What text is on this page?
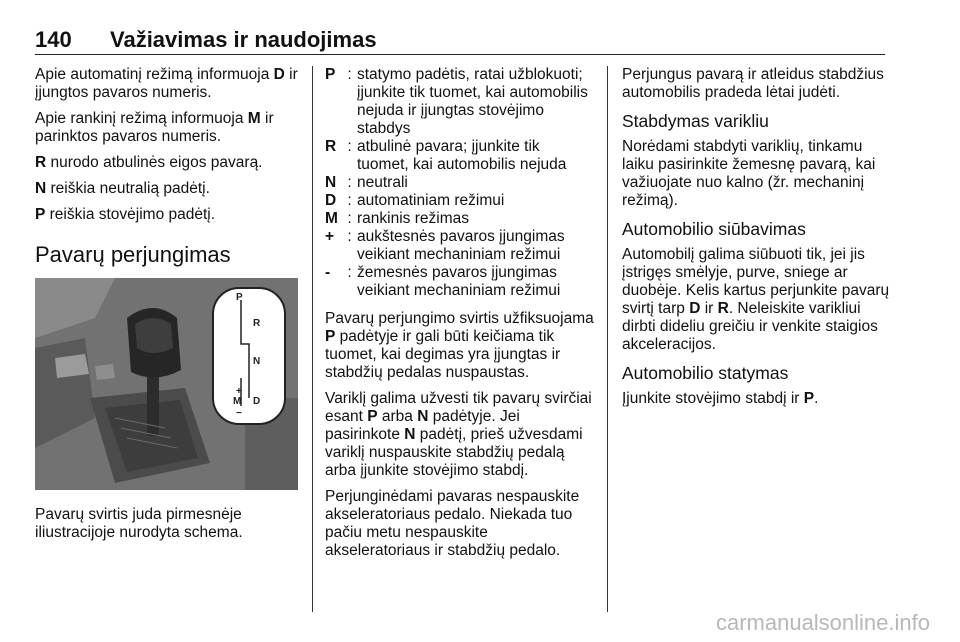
140 Važiavimas ir naudojimas

Apie automatinį režimą informuoja D ir įjungtos pavaros numeris.

Apie rankinį režimą informuoja M ir parinktos pavaros numeris.

R nurodo atbulinės eigos pavarą.

N reiškia neutralią padėtį.

P reiškia stovėjimo padėtį.

Pavarų perjungimas
P
R
N
+
M D
−

Pavarų svirtis juda pirmesnėje iliustracijoje nurodyta schema.

P : statymo padėtis, ratai užblokuoti; įjunkite tik tuomet, kai automobilis nejuda ir įjungtas stovėjimo stabdys
R : atbulinė pavara; įjunkite tik tuomet, kai automobilis nejuda
N : neutrali
D : automatiniam režimui
M : rankinis režimas
+ : aukštesnės pavaros įjungimas veikiant mechaniniam režimui
-	: žemesnės pavaros įjungimas veikiant mechaniniam režimui

Pavarų perjungimo svirtis užfiksuojama P padėtyje ir gali būti keičiama tik tuomet, kai degimas yra įjungtas ir stabdžių pedalas nuspaustas.

Variklį galima užvesti tik pavarų svirčiai esant P arba N padėtyje. Jei pasirinkote N padėtį, prieš užvesdami variklį nuspauskite stabdžių pedalą arba įjunkite stovėjimo stabdį.

Perjunginėdami pavaras nespauskite akseleratoriaus pedalo. Niekada tuo pačiu metu nespauskite akseleratoriaus ir stabdžių pedalo.

Perjungus pavarą ir atleidus stabdžius automobilis pradeda lėtai judėti.

Stabdymas varikliu

Norėdami stabdyti variklių, tinkamu laiku pasirinkite žemesnę pavarą, kai važiuojate nuo kalno (žr. mechaninį režimą).

Automobilio siūbavimas

Automobilį galima siūbuoti tik, jei jis įstrigęs smėlyje, purve, sniege ar duobėje. Kelis kartus perjunkite pavarų svirtį tarp D ir R. Neleiskite varikliui dirbti dideliu greičiu ir venkite staigios akceleracijos.

Automobilio statymas

Įjunkite stovėjimo stabdį ir P.

carmanualsonline.info
